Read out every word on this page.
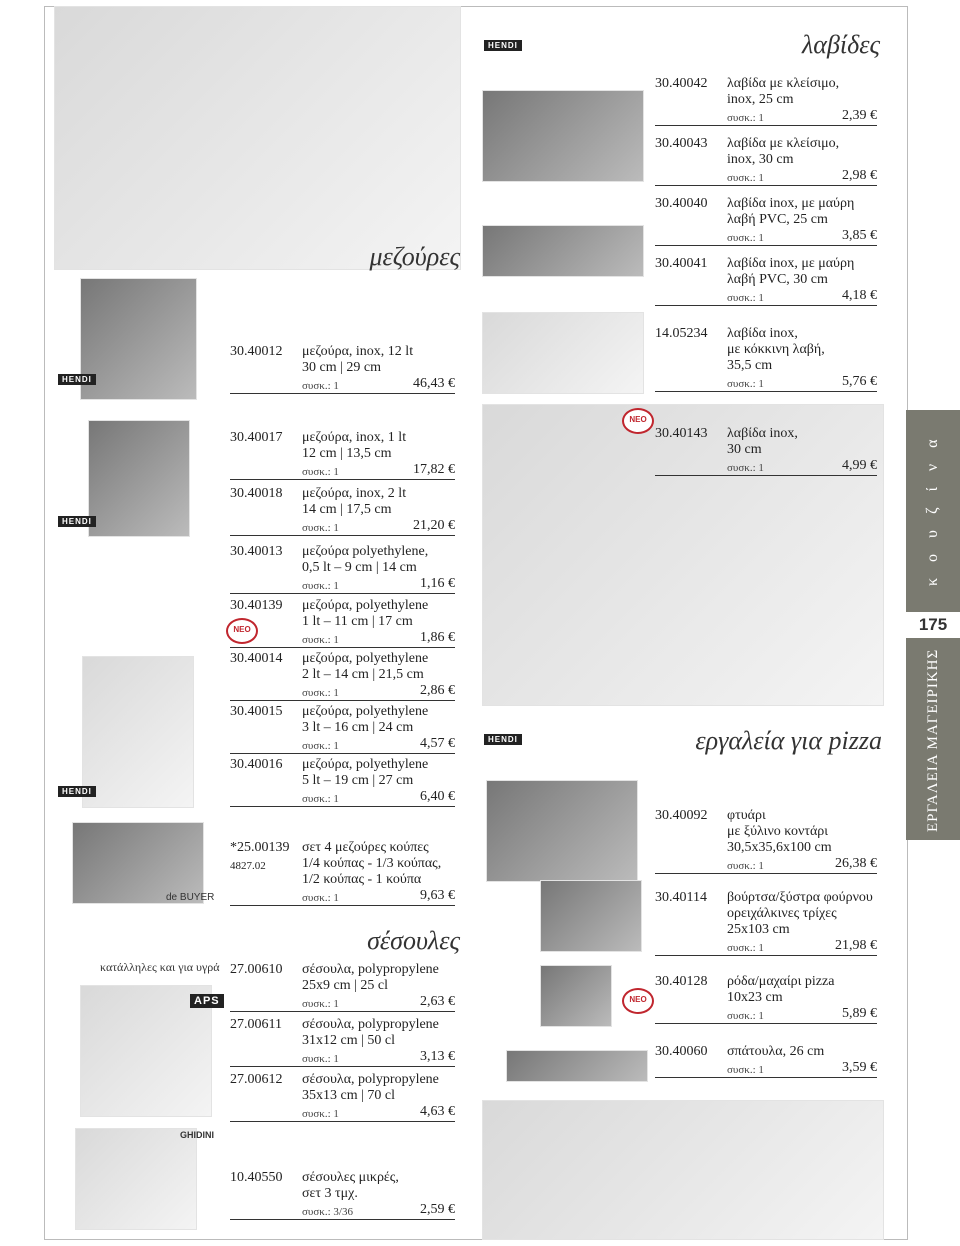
μεζούρες
HENDI
HENDI
HENDI
de BUYER
κατάλληλες και για υγρά
APS
GHIDINI
ΝΕΟ
30.40012 μεζούρα, inox, 12 lt
30 cm | 29 cm
συσκ.: 1	46,43 €
30.40017 μεζούρα, inox, 1 lt
12 cm | 13,5 cm
συσκ.: 1	17,82 €
30.40018 μεζούρα, inox, 2 lt
14 cm | 17,5 cm
συσκ.: 1	21,20 €
30.40013 μεζούρα polyethylene,
0,5 lt – 9 cm | 14 cm
συσκ.: 1	1,16 €
30.40139 μεζούρα, polyethylene
1 lt – 11 cm | 17 cm
συσκ.: 1	1,86 €
30.40014 μεζούρα, polyethylene
2 lt – 14 cm | 21,5 cm
συσκ.: 1	2,86 €
30.40015 μεζούρα, polyethylene
3 lt – 16 cm | 24 cm
συσκ.: 1	4,57 €
30.40016 μεζούρα, polyethylene
5 lt – 19 cm | 27 cm
συσκ.: 1	6,40 €
*25.00139
4827.02
σετ 4 μεζούρες κούπες
1/4 κούπας - 1/3 κούπας,
1/2 κούπας - 1 κούπα
συσκ.: 1	9,63 €
27.00610 σέσουλα, polypropylene
25x9 cm | 25 cl
συσκ.: 1	2,63 €
27.00611 σέσουλα, polypropylene
31x12 cm | 50 cl
συσκ.: 1	3,13 €
27.00612 σέσουλα, polypropylene
35x13 cm | 70 cl
συσκ.: 1	4,63 €
10.40550 σέσουλες μικρές,
σετ 3 τμχ.
συσκ.: 3/36	2,59 €
σέσουλες
HENDI	λαβίδες
ΝΕΟ
HENDI	εργαλεία για pizza
ΝΕΟ
30.40042 λαβίδα με κλείσιμο,
inox, 25 cm
συσκ.: 1	2,39 €
30.40043 λαβίδα με κλείσιμο,
inox, 30 cm
συσκ.: 1	2,98 €
30.40040 λαβίδα inox, με μαύρη
λαβή PVC, 25 cm
συσκ.: 1	3,85 €
30.40041 λαβίδα inox, με μαύρη
λαβή PVC, 30 cm
συσκ.: 1	4,18 €
14.05234 λαβίδα inox,
με κόκκινη λαβή,
35,5 cm
συσκ.: 1	5,76 €
30.40143 λαβίδα inox,
30 cm
συσκ.: 1	4,99 €
30.40092 φτυάρι
με ξύλινο κοντάρι
30,5x35,6x100 cm
συσκ.: 1	26,38 €
30.40114 βούρτσα/ξύστρα φούρνου
ορειχάλκινες τρίχες
25x103 cm
συσκ.: 1	21,98 €
30.40128 ρόδα/μαχαίρι pizza
10x23 cm
συσκ.: 1	5,89 €
30.40060 σπάτουλα, 26 cm
συσκ.: 1	3,59 €
κ ο υ ζ ί ν α
175
ΕΡΓΑΛΕΙΑ ΜΑΓΕΙΡΙΚΗΣ
